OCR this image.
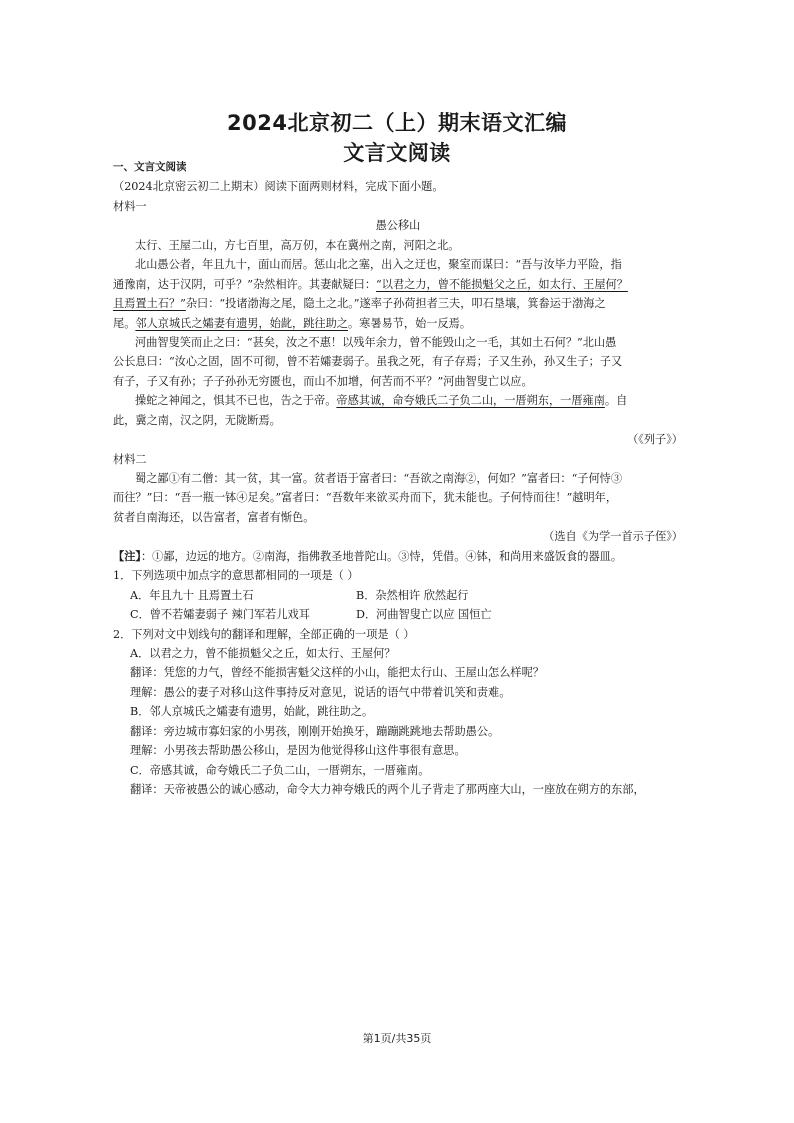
2024北京初二（上）期末语文汇编
文言文阅读
一、文言文阅读
（2024北京密云初二上期末）阅读下面两则材料，完成下面小题。
材料一
愚公移山
太行、王屋二山，方七百里，高万仞，本在冀州之南，河阳之北。
北山愚公者，年且九十，面山而居。惩山北之塞，出入之迂也，聚室而谋曰：“吾与汝毕力平险，指
通豫南，达于汉阴，可乎？”杂然相许。其妻献疑曰：“以君之力，曾不能损魁父之丘，如太行、王屋何？
且焉置土石？”杂曰：“投诸渤海之尾，隐土之北。”遂率子孙荷担者三夫，叩石垦壤，箕畚运于渤海之
尾。邻人京城氏之孀妻有遗男，始龀，跳往助之。寒暑易节，始一反焉。
河曲智叟笑而止之曰：“甚矣，汝之不惠！以残年余力，曾不能毁山之一毛，其如土石何？”北山愚
公长息曰：“汝心之固，固不可彻，曾不若孀妻弱子。虽我之死，有子存焉；子又生孙，孙又生子；子又
有子，子又有孙；子子孙孙无穷匮也，而山不加增，何苦而不平？”河曲智叟亡以应。
操蛇之神闻之，惧其不已也，告之于帝。帝感其诚，命夸娥氏二子负二山，一厝朔东，一厝雍南。自
此，冀之南，汉之阴，无陇断焉。
（《列子》）
材料二
蜀之鄙①有二僧：其一贫，其一富。贫者语于富者曰：“吾欲之南海②，何如？”富者曰：“子何恃③
而往？”曰：“吾一瓶一钵④足矣。”富者曰：“吾数年来欲买舟而下，犹未能也。子何恃而往！”越明年，
贫者自南海还，以告富者，富者有惭色。
（选自《为学一首示子侄》）
【注】：①鄙，边远的地方。②南海，指佛教圣地普陀山。③恃，凭借。④钵，和尚用来盛饭食的器皿。
1．下列选项中加点字的意思都相同的一项是（ ）
A．年且九十 且焉置土石	B．杂然相许 欣然起行
C．曾不若孀妻弱子 辣门军若儿戏耳	D．河曲智叟亡以应 国恒亡
2．下列对文中划线句的翻译和理解，全部正确的一项是（ ）
A．以君之力，曾不能损魁父之丘，如太行、王屋何？
翻译：凭您的力气，曾经不能损害魁父这样的小山，能把太行山、王屋山怎么样呢？
理解：愚公的妻子对移山这件事持反对意见，说话的语气中带着讥笑和责难。
B．邻人京城氏之孀妻有遗男，始龀，跳往助之。
翻译：旁边城市寡妇家的小男孩，刚刚开始换牙，蹦蹦跳跳地去帮助愚公。
理解：小男孩去帮助愚公移山，是因为他觉得移山这件事很有意思。
C．帝感其诚，命夸娥氏二子负二山，一厝朔东，一厝雍南。
翻译：天帝被愚公的诚心感动，命令大力神夸娥氏的两个儿子背走了那两座大山，一座放在朔方的东部，
第1页/共35页
